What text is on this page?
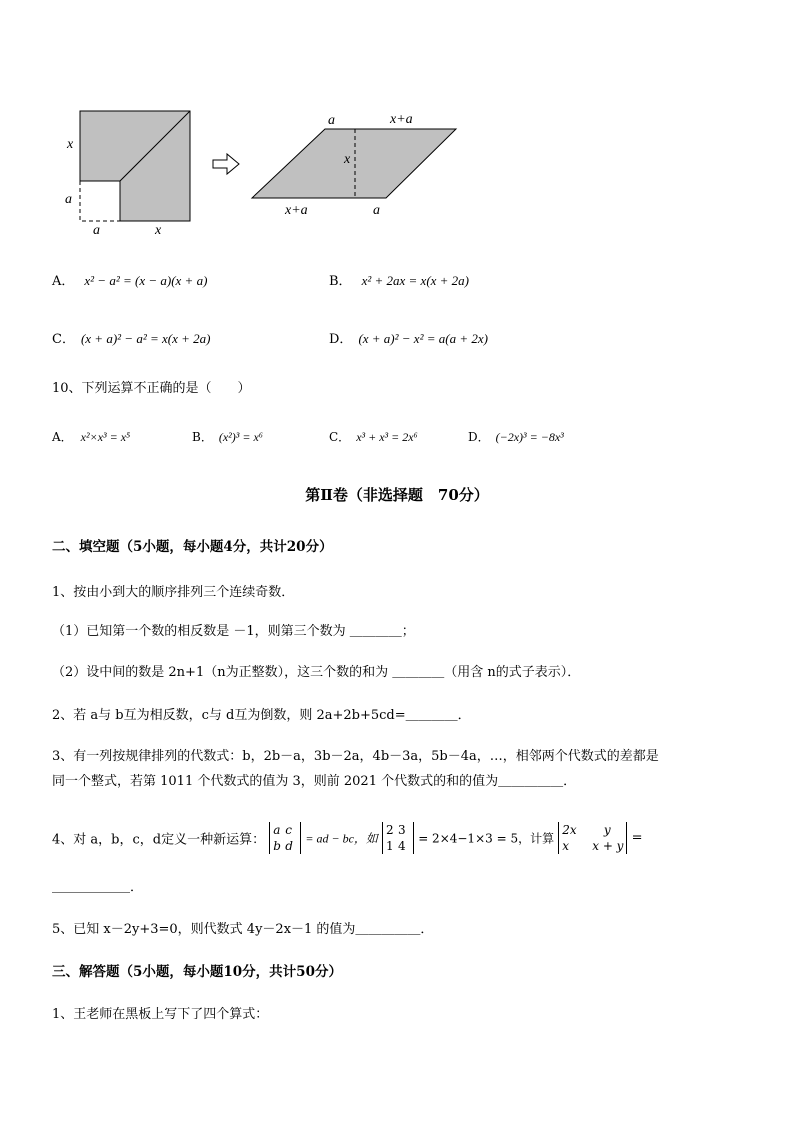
x
a
a	x
a	x+a
x
x+a	a
A． x² − a² = (x − a)(x + a)	B． x² + 2ax = x(x + 2a)
C． (x + a)² − a² = x(x + 2a)	D． (x + a)² − x² = a(a + 2x)
10、下列运算不正确的是（　　）
A． x²×x³ = x⁵	B． (x²)³ = x⁶	C． x³ + x³ = 2x⁶	D． (−2x)³ = −8x³
第Ⅱ卷（非选择题　70分）
二、填空题（5小题，每小题4分，共计20分）
1、按由小到大的顺序排列三个连续奇数．
（1）已知第一个数的相反数是 －1，则第三个数为 ＿＿＿＿；
（2）设中间的数是 2n+1（n为正整数），这三个数的和为 ＿＿＿＿（用含 n的式子表示）．
2、若 a与 b互为相反数，c与 d互为倒数，则 2a+2b+5cd=＿＿＿＿．
3、有一列按规律排列的代数式：b，2b－a，3b－2a，4b－3a，5b－4a，…，相邻两个代数式的差都是
同一个整式，若第 1011 个代数式的值为 3，则前 2021 个代数式的和的值为＿＿＿＿＿．
4、对 a，b，c，d定义一种新运算： a c
b d = ad − bc，如 2 3
1 4 = 2×4−1×3 = 5，计算 2x y
x x + y =
＿＿＿＿＿＿．
5、已知 x－2y+3=0，则代数式 4y－2x－1 的值为＿＿＿＿＿．
三、解答题（5小题，每小题10分，共计50分）
1、王老师在黑板上写下了四个算式：
